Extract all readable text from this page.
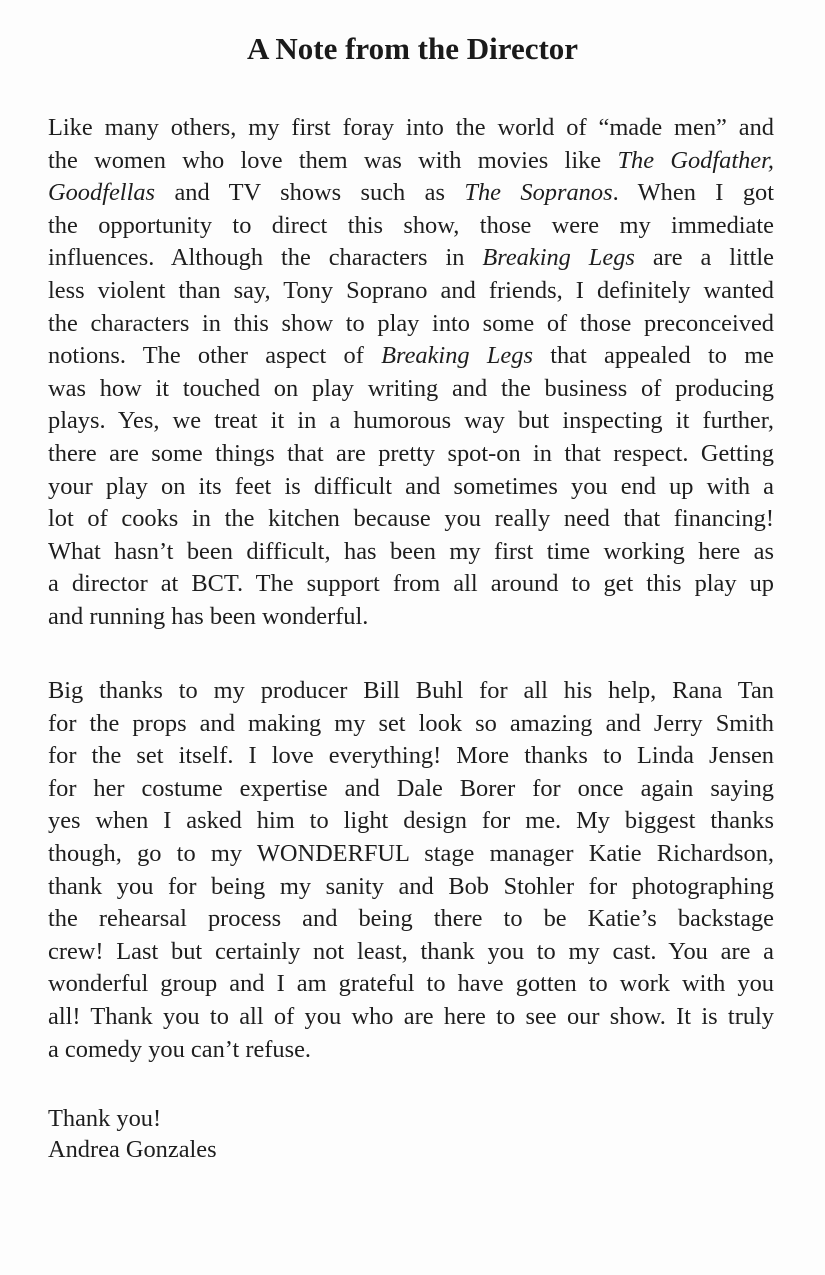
A Note from the Director
Like many others, my first foray into the world of “made men” and
the women who love them was with movies like The Godfather,
Goodfellas and TV shows such as The Sopranos. When I got
the opportunity to direct this show, those were my immediate
influences. Although the characters in Breaking Legs are a little
less violent than say, Tony Soprano and friends, I definitely wanted
the characters in this show to play into some of those preconceived
notions. The other aspect of Breaking Legs that appealed to me
was how it touched on play writing and the business of producing
plays. Yes, we treat it in a humorous way but inspecting it further,
there are some things that are pretty spot-on in that respect. Getting
your play on its feet is difficult and sometimes you end up with a
lot of cooks in the kitchen because you really need that financing!
What hasn’t been difficult, has been my first time working here as
a director at BCT. The support from all around to get this play up
and running has been wonderful.
Big thanks to my producer Bill Buhl for all his help, Rana Tan
for the props and making my set look so amazing and Jerry Smith
for the set itself. I love everything! More thanks to Linda Jensen
for her costume expertise and Dale Borer for once again saying
yes when I asked him to light design for me. My biggest thanks
though, go to my WONDERFUL stage manager Katie Richardson,
thank you for being my sanity and Bob Stohler for photographing
the rehearsal process and being there to be Katie’s backstage
crew! Last but certainly not least, thank you to my cast. You are a
wonderful group and I am grateful to have gotten to work with you
all! Thank you to all of you who are here to see our show. It is truly
a comedy you can’t refuse.
Thank you!
Andrea Gonzales
